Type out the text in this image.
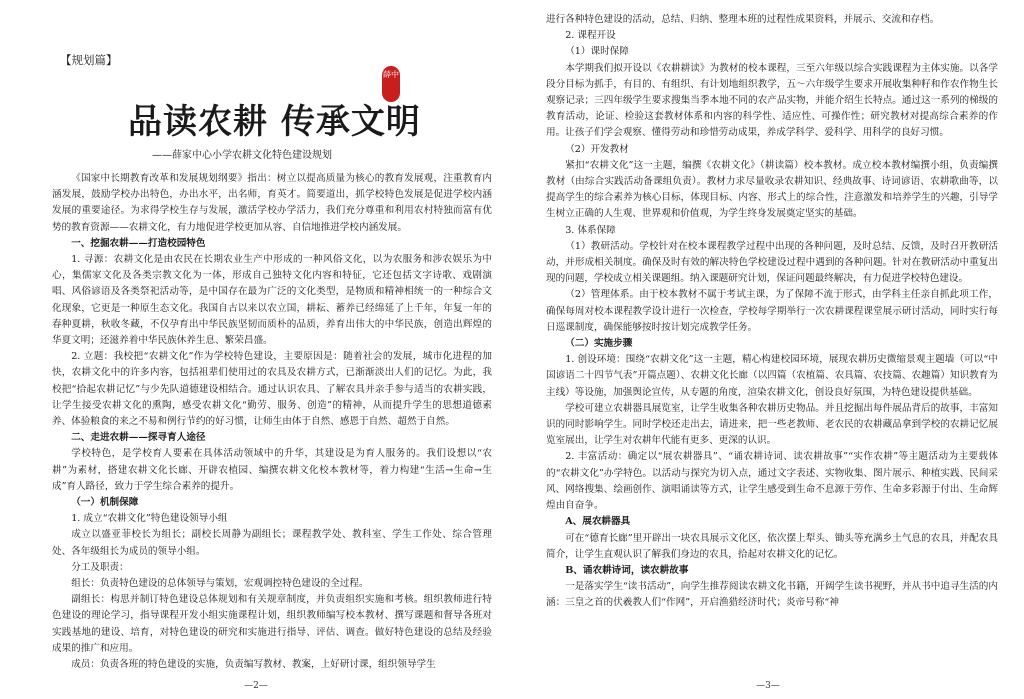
【规划篇】
品读农耕 传承文明
薛中
——薛家中心小学农耕文化特色建设规划

《国家中长期教育改革和发展规划纲要》指出：树立以提高质量为核心的教育发展观，注重教育内涵发展，鼓励学校办出特色，办出水平，出名师，育英才。简要道出，抓学校特色发展是促进学校内涵发展的重要途径。为求得学校生存与发展，激活学校办学活力，我们充分尊重和利用农村特独而富有优势的教育资源——农耕文化，有力地促进学校更加从容、自信地推进学校内涵发展。

一、挖掘农耕——打造校园特色

1. 寻源：农耕文化是由农民在长期农业生产中形成的一种风俗文化，以为农服务和涉农娱乐为中心，集儒家文化及各类宗教文化为一体，形成自己独特文化内容和特征，它还包括文字诗歌、戏剧演唱、风俗谚语及各类祭祀活动等，是中国存在最为广泛的文化类型，是物质和精神相统一的一种综合文化现象，它更是一种原生态文化。我国自古以来以农立国，耕耘、蓄养已经绵延了上千年，年复一年的春种夏耕，秋收冬藏，不仅孕育出中华民族坚韧而质朴的品质，养育出伟大的中华民族，创造出辉煌的华夏文明；还滋养着中华民族休养生息、繁荣昌盛。

2. 立题：我校把“农耕文化”作为学校特色建设，主要原因是：随着社会的发展，城市化进程的加快，农耕文化中的许多内容，包括祖辈们使用过的农具及农耕方式，已渐渐淡出人们的记忆。为此，我校把“拾起农耕记忆”与少先队道德建设相结合。通过认识农具、了解农具并亲手参与适当的农耕实践，让学生接受农耕文化的熏陶，感受农耕文化“勤劳、服务、创造”的精神，从而提升学生的思想道德素养、体验粮食的来之不易和例行节约的好习惯，让师生由体于自然、感恩于自然、超然于自然。

二、走进农耕——探寻育人途径

学校特色，是学校育人要素在具体活动领域中的升华，其建设是为育人服务的。我们设想以“农耕”为素材，搭建农耕文化长廊、开辟农植园、编撰农耕文化校本教材等，着力构建“生活→生命→生成”育人路径，致力于学生综合素养的提升。

（一）机制保障

1. 成立“农耕文化”特色建设领导小组

成立以盛亚菲校长为组长；副校长周静为副组长；课程教学处、教科室、学生工作处、综合管理处、各年级组长为成员的领导小组。

分工及职责：

组长：负责特色建设的总体领导与策划，宏观调控特色建设的全过程。

副组长：构思并制订特色建设总体规划和有关规章制度，并负责组织实施和考核。组织教师进行特色建设的理论学习，指导课程开发小组实施课程计划，组织教师编写校本教材、撰写课题和督导各班对实践基地的建设、培育，对特色建设的研究和实施进行指导、评估、调查。做好特色建设的总结及经验成果的推广和应用。

成员：负责各班的特色建设的实施，负责编写教材、教案，上好研讨课，组织领导学生

—2—

进行各种特色建设的活动，总结、归纳、整理本班的过程性成果资料，并展示、交流和存档。

2. 课程开设

（1）课时保障

本学期我们拟开设以《农耕耕读》为教材的校本课程，三至六年级以综合实践课程为主体实施。以各学段分目标为抓手，有目的、有组织、有计划地组织教学，五～六年级学生要求开展收集种籽和作农作物生长观察记录；三四年级学生要求搜集当季本地不同的农产品实物，并能介绍生长特点。通过这一系列的梯级的教育活动，论证、检验这套教材体系和内容的科学性、适应性、可操作性；研究教材对提高综合素养的作用。让孩子们学会观察、懂得劳动和珍惜劳动成果，养成学科学、爱科学、用科学的良好习惯。

（2）开发教材

紧扣“农耕文化”这一主题，编撰《农耕文化》（耕读篇）校本教材。成立校本教材编撰小组，负责编撰教材（由综合实践活动备课组负责）。教材力求尽量收录农耕知识、经典故事、诗词谚语、农耕歌曲等，以提高学生的综合素养为核心目标，体现目标、内容、形式上的综合性，注意激发和培养学生的兴趣，引导学生树立正确的人生观、世界观和价值观，为学生终身发展奠定坚实的基础。

3. 体系保障

（1）教研活动。学校针对在校本课程教学过程中出现的各种问题，及时总结、反馈，及时召开教研活动，并形成相关制度。确保及时有效的解决特色学校建设过程中遇到的各种问题。针对在教研活动中重复出现的问题，学校成立相关课题组。纳入课题研究计划，保证问题最终解决，有力促进学校特色建设。

（2）管理体系。由于校本教材不属于考试主课，为了保障不流于形式，由学科主任亲自抓此项工作，确保每周对校本课程教学设计进行一次检查，学校每学期举行一次农耕课程课堂展示研讨活动，同时实行每日巡课制度，确保能够按时按计划完成教学任务。

（二）实施步骤

1. 创设环境：围绕“农耕文化”这一主题，精心构建校园环境，展现农耕历史微缩景观主题墙（可以“中国谚语二十四节气表”开篇点题）、农耕文化长廊（以四篇（农植篇、农具篇、农技篇、农趣篇）知识教育为主线）等设施，加强舆论宣传，从专题的角度，渲染农耕文化，创设良好氛围，为特色建设提供基础。

学校可建立农耕器具展览室，让学生收集各种农耕历史物品。并且挖掘出每件展品背后的故事，丰富知识的同时影响学生。同时学校还走出去，请进来，把一些老教师、老农民的农耕藏品拿到学校的农耕记忆展览室展出，让学生对农耕年代能有更多、更深的认识。

2. 丰富活动：确定以“展农耕器具”、“诵农耕诗词、读农耕故事”“实作农耕”等主题活动为主要载体的“农耕文化”办学特色。以活动与探究为切入点，通过文字表述、实物收集、图片展示、种植实践、民间采风、网络搜集、绘画创作、演唱诵读等方式，让学生感受到生命不息源于劳作、生命多彩源于付出、生命辉煌由自奋争。

A、展农耕器具

可在“德育长廊”里开辟出一块农具展示文化区，依次摆上犁头、锄头等充满乡土气息的农具，并配农具简介，让学生直观认识了解我们身边的农具，拾起对农耕文化的记忆。

B、诵农耕诗词，读农耕故事

一是落实学生“读书活动”，向学生推荐阅读农耕文化书籍，开阔学生读书视野，并从书中追寻生活的内涵：三皇之首的伏羲教人们“作网”，开启渔猎经济时代；炎帝号称“神

—3—
